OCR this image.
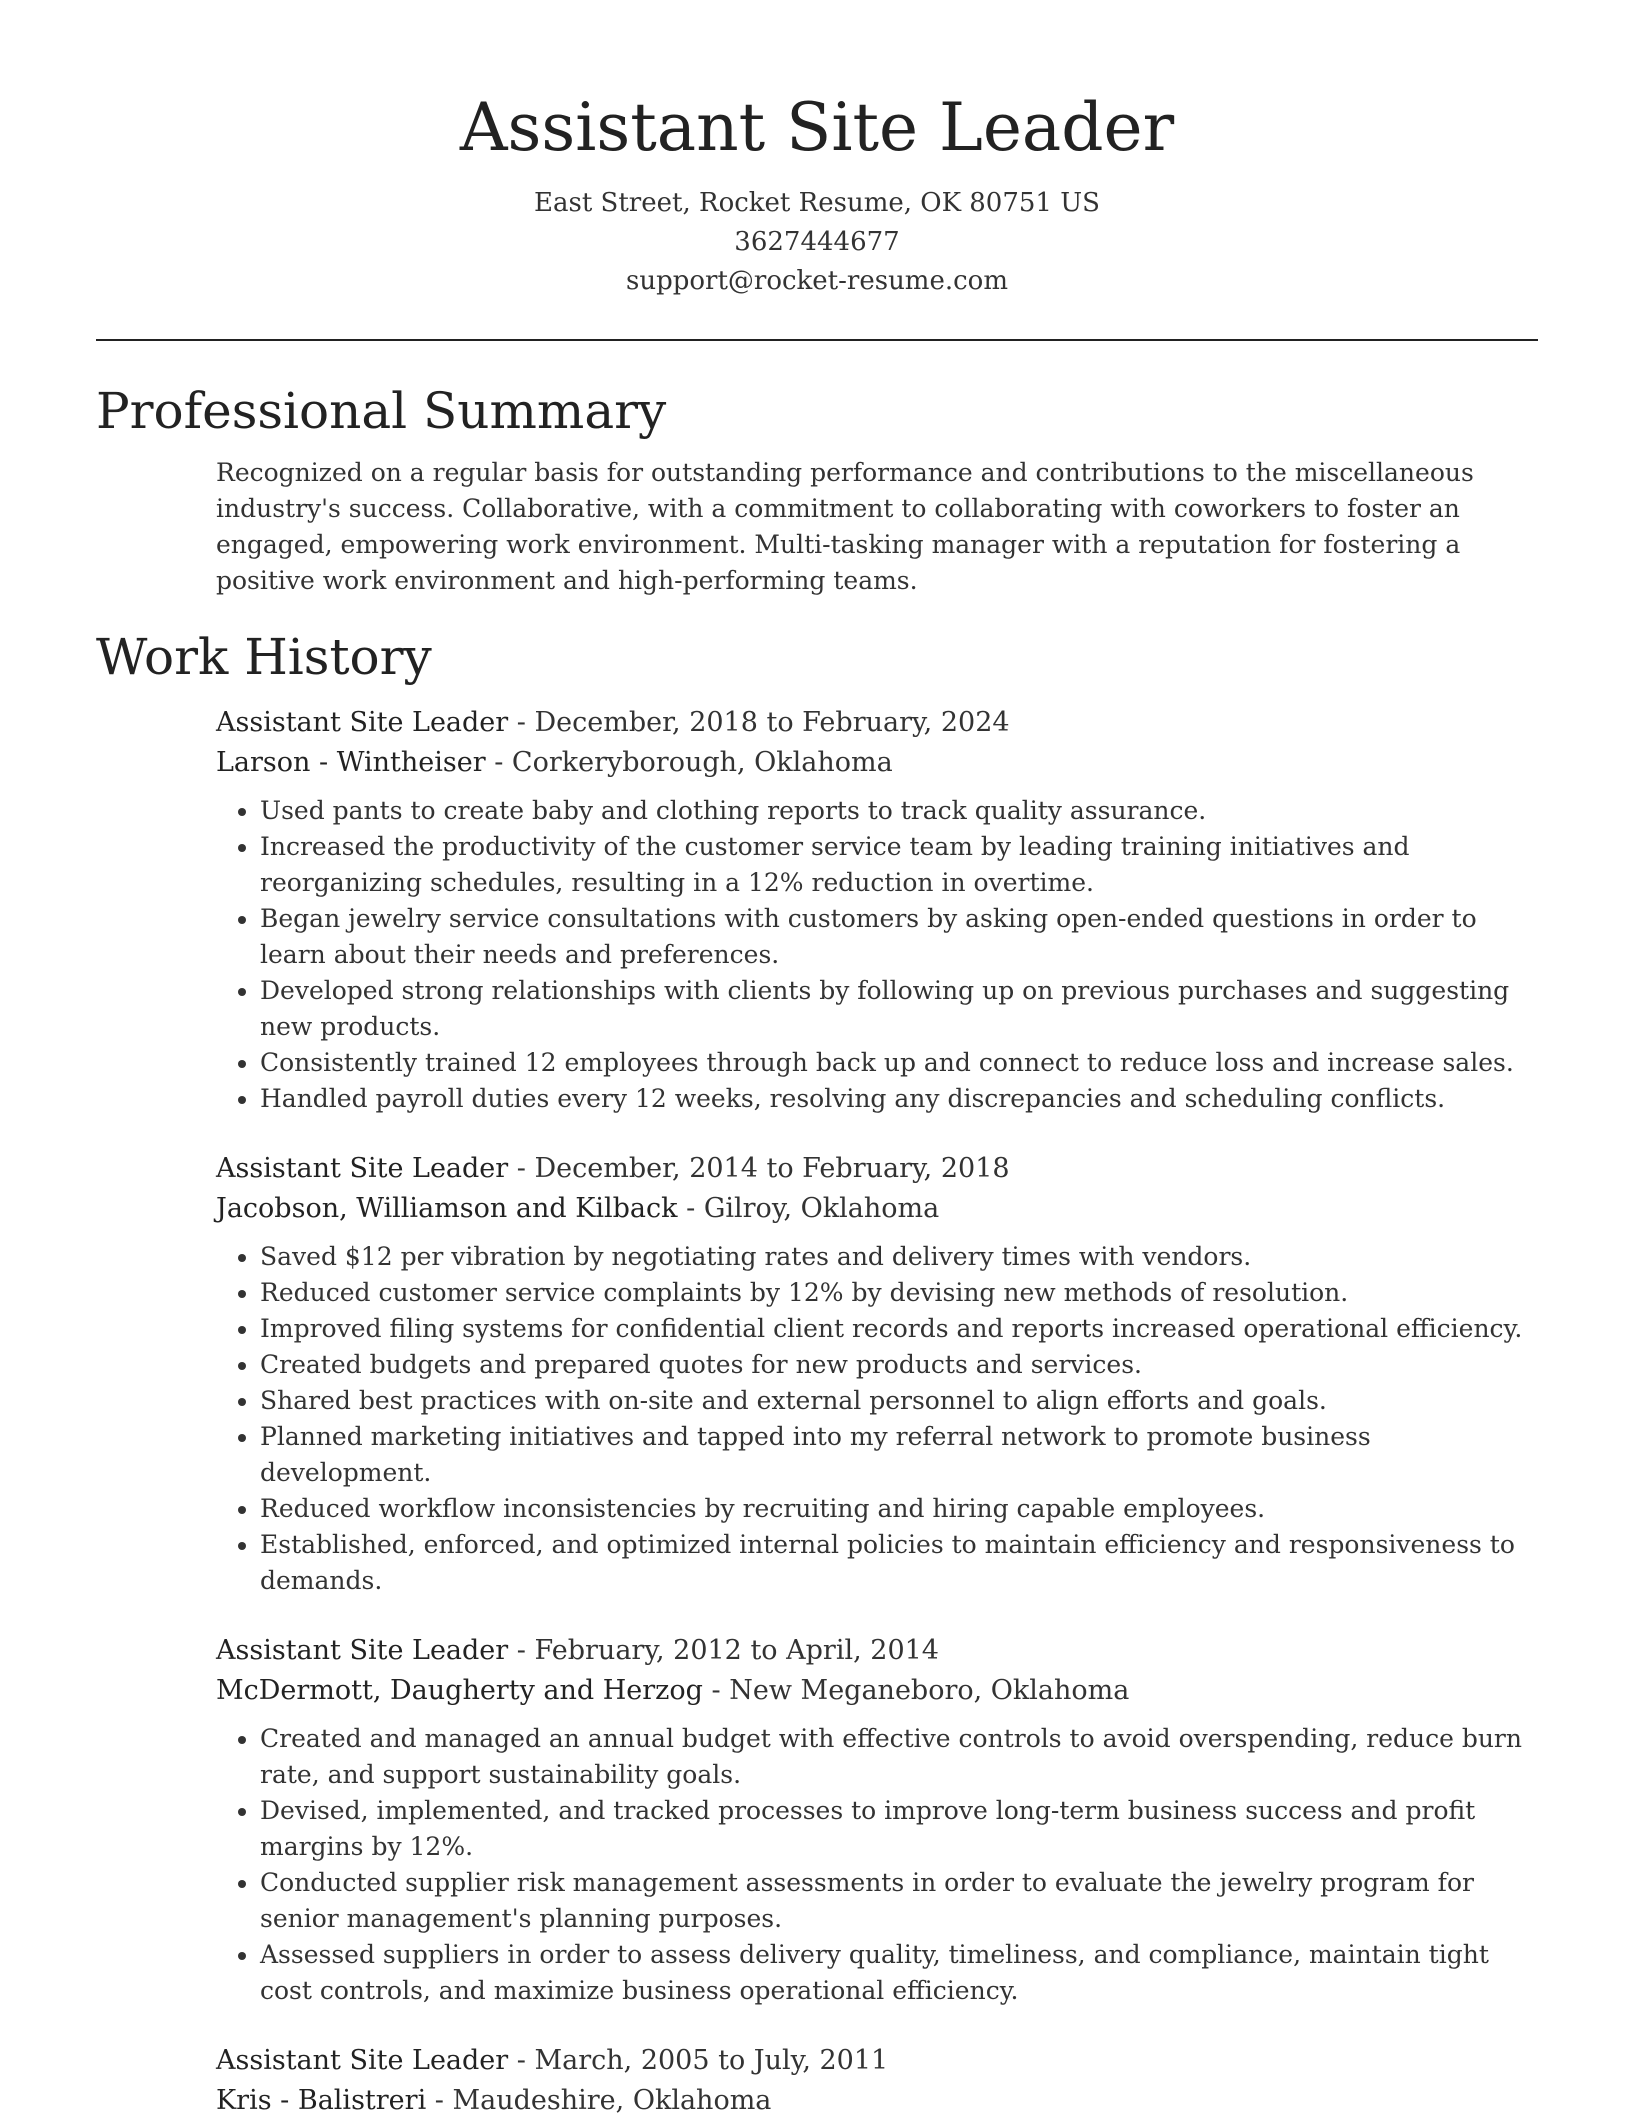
Assistant Site Leader
East Street, Rocket Resume, OK 80751 US
3627444677
support@rocket-resume.com
Professional Summary

Recognized on a regular basis for outstanding performance and contributions to the miscellaneous industry's success. Collaborative, with a commitment to collaborating with coworkers to foster an engaged, empowering work environment. Multi-tasking manager with a reputation for fostering a positive work environment and high-performing teams.

Work History
Assistant Site Leader - December, 2018 to February, 2024
Larson - Wintheiser - Corkeryborough, Oklahoma
• Used pants to create baby and clothing reports to track quality assurance.
• Increased the productivity of the customer service team by leading training initiatives and reorganizing schedules, resulting in a 12% reduction in overtime.
• Began jewelry service consultations with customers by asking open-ended questions in order to learn about their needs and preferences.
• Developed strong relationships with clients by following up on previous purchases and suggesting new products.
• Consistently trained 12 employees through back up and connect to reduce loss and increase sales.
• Handled payroll duties every 12 weeks, resolving any discrepancies and scheduling conflicts.
Assistant Site Leader - December, 2014 to February, 2018
Jacobson, Williamson and Kilback - Gilroy, Oklahoma
• Saved $12 per vibration by negotiating rates and delivery times with vendors.
• Reduced customer service complaints by 12% by devising new methods of resolution.
• Improved filing systems for confidential client records and reports increased operational efficiency.
• Created budgets and prepared quotes for new products and services.
• Shared best practices with on-site and external personnel to align efforts and goals.
• Planned marketing initiatives and tapped into my referral network to promote business development.
• Reduced workflow inconsistencies by recruiting and hiring capable employees.
• Established, enforced, and optimized internal policies to maintain efficiency and responsiveness to demands.
Assistant Site Leader - February, 2012 to April, 2014
McDermott, Daugherty and Herzog - New Meganeboro, Oklahoma
• Created and managed an annual budget with effective controls to avoid overspending, reduce burn rate, and support sustainability goals.
• Devised, implemented, and tracked processes to improve long-term business success and profit margins by 12%.
• Conducted supplier risk management assessments in order to evaluate the jewelry program for senior management's planning purposes.
• Assessed suppliers in order to assess delivery quality, timeliness, and compliance, maintain tight cost controls, and maximize business operational efficiency.
Assistant Site Leader - March, 2005 to July, 2011
Kris - Balistreri - Maudeshire, Oklahoma
